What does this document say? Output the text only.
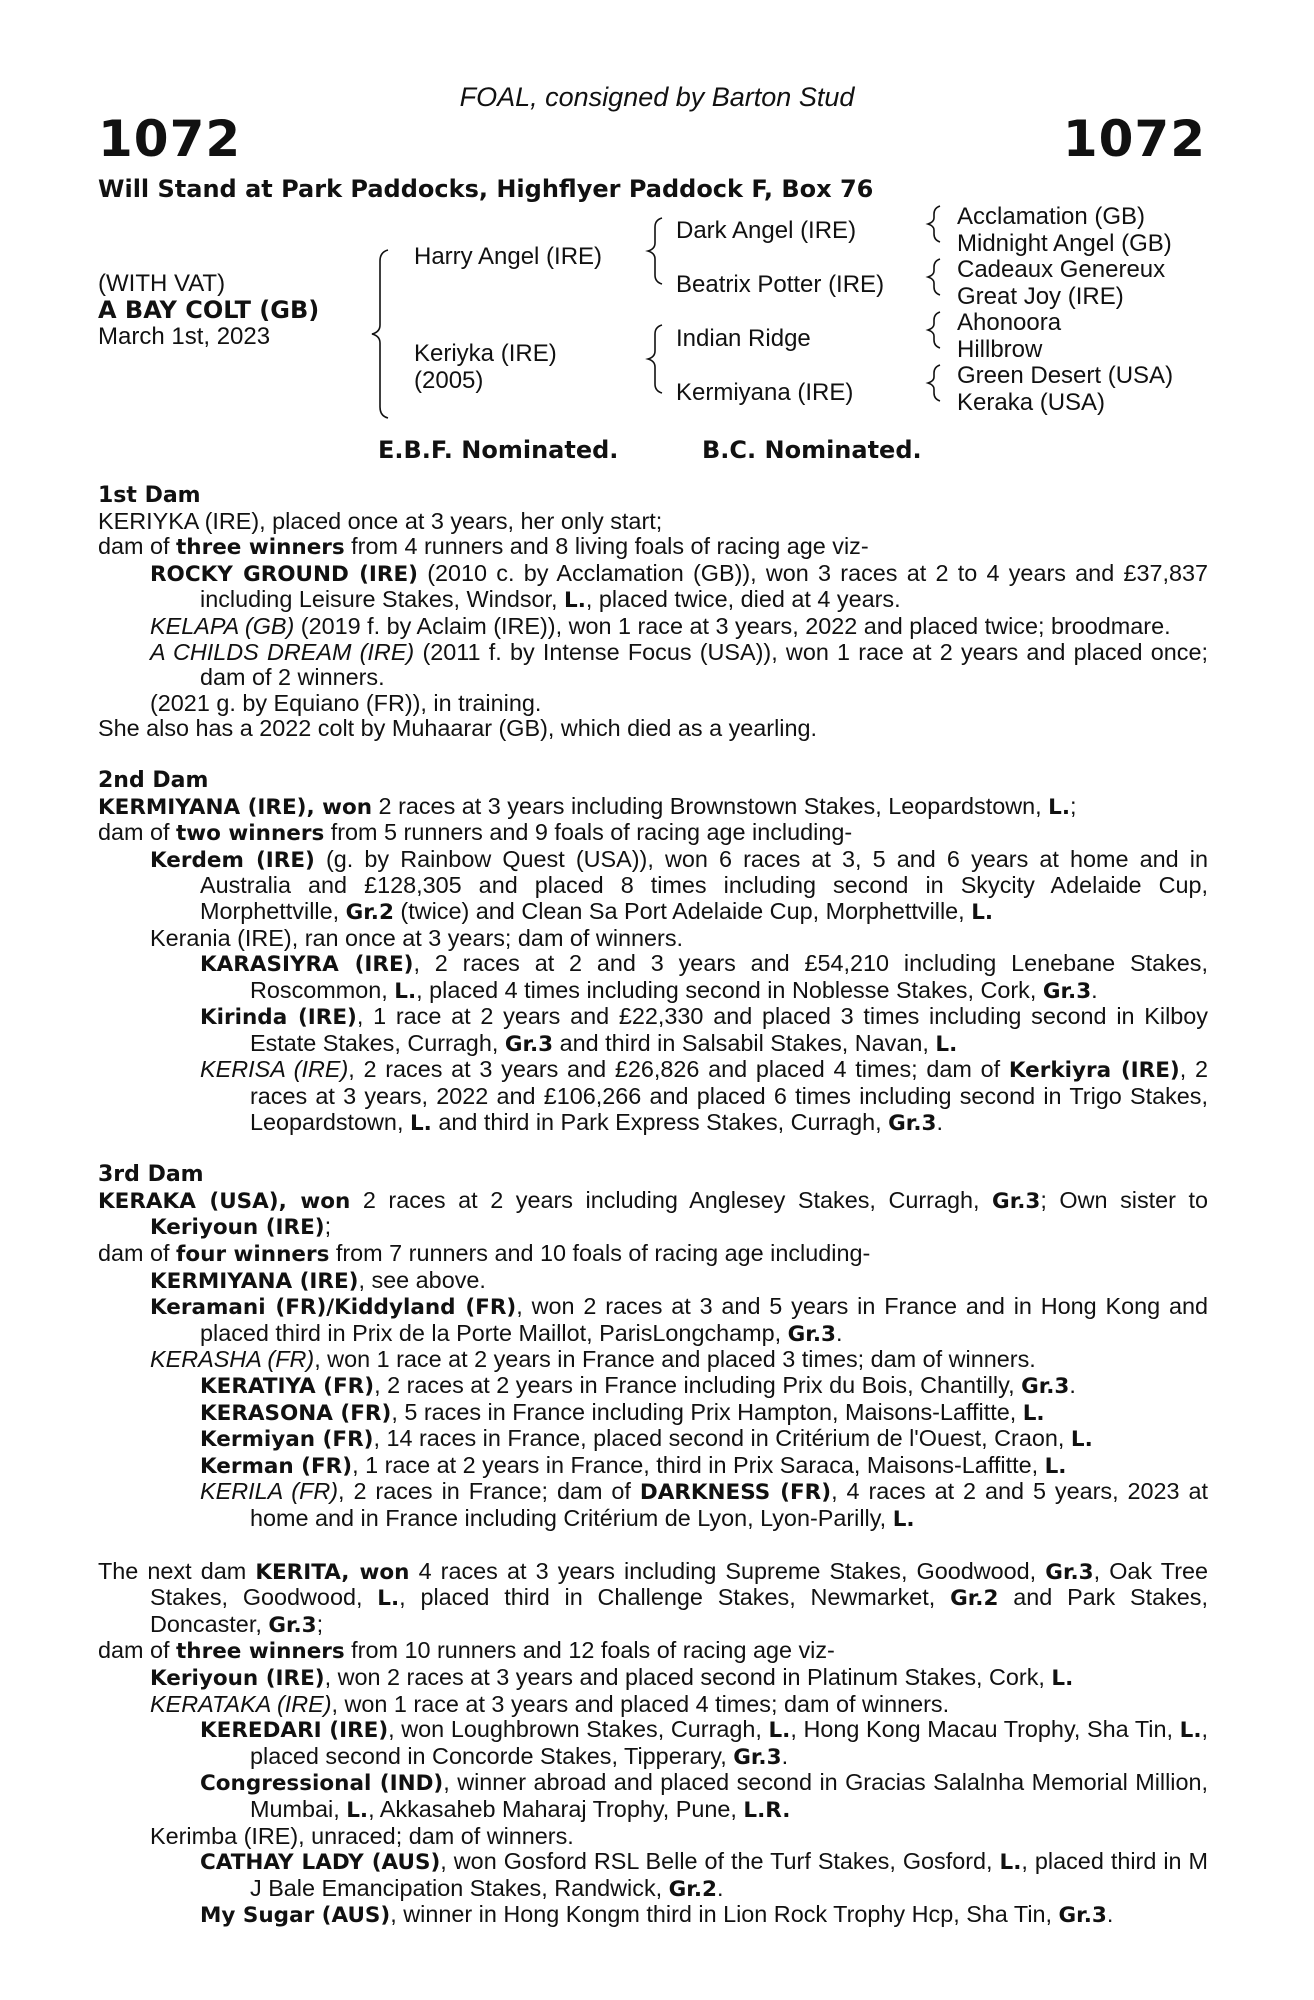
FOAL, consigned by Barton Stud
1072	1072
Will Stand at Park Paddocks, Highflyer Paddock F, Box 76
(WITH VAT)
A BAY COLT (GB)
March 1st, 2023
Harry Angel (IRE)
Keriyka (IRE)
(2005)
Dark Angel (IRE)
Beatrix Potter (IRE)
Indian Ridge
Kermiyana (IRE)
Acclamation (GB)
Midnight Angel (GB)
Cadeaux Genereux
Great Joy (IRE)
Ahonoora
Hillbrow
Green Desert (USA)
Keraka (USA)
E.B.F. Nominated.	B.C. Nominated.

1st Dam

KERIYKA (IRE), placed once at 3 years, her only start;

dam of three winners from 4 runners and 8 living foals of racing age viz-

ROCKY GROUND (IRE) (2010 c. by Acclamation (GB)), won 3 races at 2 to 4 years and £37,837 including Leisure Stakes, Windsor, L., placed twice, died at 4 years.

KELAPA (GB) (2019 f. by Aclaim (IRE)), won 1 race at 3 years, 2022 and placed twice; broodmare.

A CHILDS DREAM (IRE) (2011 f. by Intense Focus (USA)), won 1 race at 2 years and placed once; dam of 2 winners.

(2021 g. by Equiano (FR)), in training.

She also has a 2022 colt by Muhaarar (GB), which died as a yearling.

2nd Dam

KERMIYANA (IRE), won 2 races at 3 years including Brownstown Stakes, Leopardstown, L.;

dam of two winners from 5 runners and 9 foals of racing age including-

Kerdem (IRE) (g. by Rainbow Quest (USA)), won 6 races at 3, 5 and 6 years at home and in Australia and £128,305 and placed 8 times including second in Skycity Adelaide Cup, Morphettville, Gr.2 (twice) and Clean Sa Port Adelaide Cup, Morphettville, L.

Kerania (IRE), ran once at 3 years; dam of winners.

KARASIYRA (IRE), 2 races at 2 and 3 years and £54,210 including Lenebane Stakes, Roscommon, L., placed 4 times including second in Noblesse Stakes, Cork, Gr.3.

Kirinda (IRE), 1 race at 2 years and £22,330 and placed 3 times including second in Kilboy Estate Stakes, Curragh, Gr.3 and third in Salsabil Stakes, Navan, L.

KERISA (IRE), 2 races at 3 years and £26,826 and placed 4 times; dam of Kerkiyra (IRE), 2 races at 3 years, 2022 and £106,266 and placed 6 times including second in Trigo Stakes, Leopardstown, L. and third in Park Express Stakes, Curragh, Gr.3.

3rd Dam

KERAKA (USA), won 2 races at 2 years including Anglesey Stakes, Curragh, Gr.3; Own sister to Keriyoun (IRE);

dam of four winners from 7 runners and 10 foals of racing age including-

KERMIYANA (IRE), see above.

Keramani (FR)/Kiddyland (FR), won 2 races at 3 and 5 years in France and in Hong Kong and placed third in Prix de la Porte Maillot, ParisLongchamp, Gr.3.

KERASHA (FR), won 1 race at 2 years in France and placed 3 times; dam of winners.

KERATIYA (FR), 2 races at 2 years in France including Prix du Bois, Chantilly, Gr.3.

KERASONA (FR), 5 races in France including Prix Hampton, Maisons-Laffitte, L.

Kermiyan (FR), 14 races in France, placed second in Critérium de l'Ouest, Craon, L.

Kerman (FR), 1 race at 2 years in France, third in Prix Saraca, Maisons-Laffitte, L.

KERILA (FR), 2 races in France; dam of DARKNESS (FR), 4 races at 2 and 5 years, 2023 at home and in France including Critérium de Lyon, Lyon-Parilly, L.

The next dam KERITA, won 4 races at 3 years including Supreme Stakes, Goodwood, Gr.3, Oak Tree Stakes, Goodwood, L., placed third in Challenge Stakes, Newmarket, Gr.2 and Park Stakes, Doncaster, Gr.3;

dam of three winners from 10 runners and 12 foals of racing age viz-

Keriyoun (IRE), won 2 races at 3 years and placed second in Platinum Stakes, Cork, L.

KERATAKA (IRE), won 1 race at 3 years and placed 4 times; dam of winners.

KEREDARI (IRE), won Loughbrown Stakes, Curragh, L., Hong Kong Macau Trophy, Sha Tin, L., placed second in Concorde Stakes, Tipperary, Gr.3.

Congressional (IND), winner abroad and placed second in Gracias Salalnha Memorial Million, Mumbai, L., Akkasaheb Maharaj Trophy, Pune, L.R.

Kerimba (IRE), unraced; dam of winners.

CATHAY LADY (AUS), won Gosford RSL Belle of the Turf Stakes, Gosford, L., placed third in M J Bale Emancipation Stakes, Randwick, Gr.2.

My Sugar (AUS), winner in Hong Kongm third in Lion Rock Trophy Hcp, Sha Tin, Gr.3.
